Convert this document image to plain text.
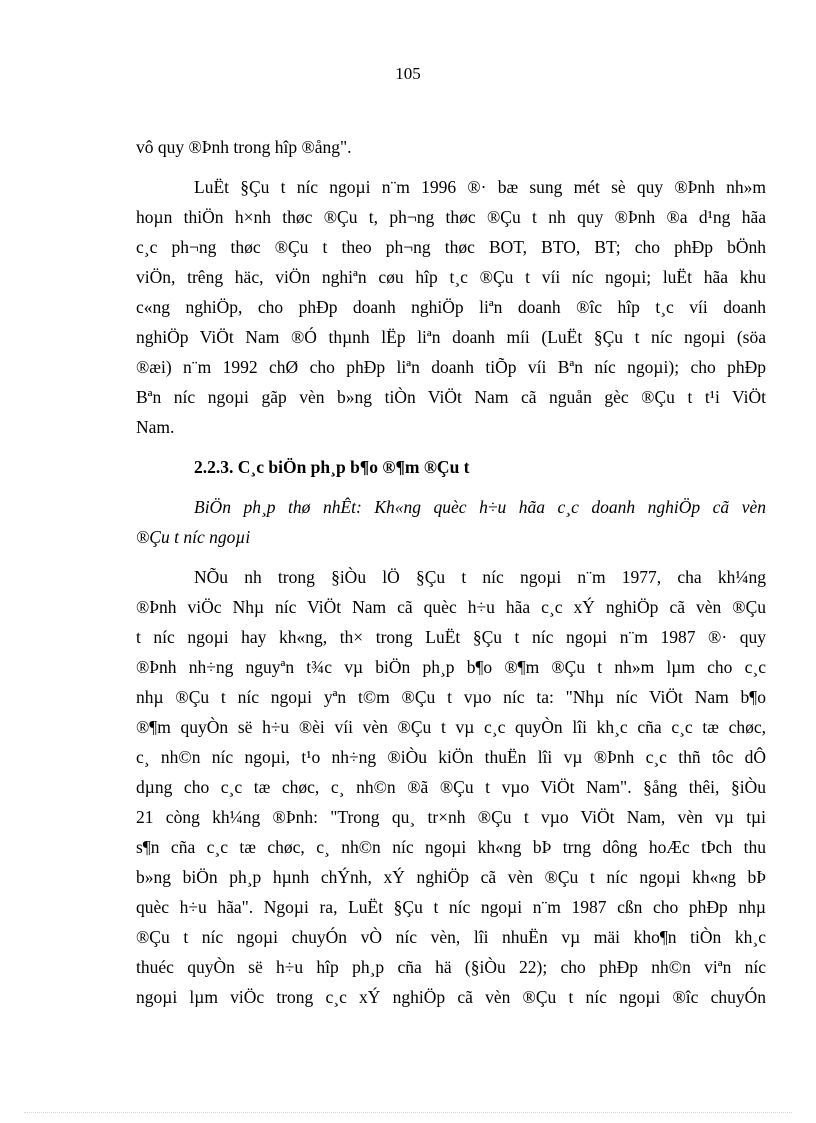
105
vô quy ®Þnh trong hîp ®ång".
LuËt §Çu t níc ngoµi n¨m 1996 ®· bæ sung mét sè quy ®Þnh nh»m
hoµn thiÖn h×nh thøc ®Çu t, ph¬ng thøc ®Çu t nh quy ®Þnh ®a d¹ng hãa
c¸c ph¬ng thøc ®Çu t theo ph¬ng thøc BOT, BTO, BT; cho phÐp bÖnh
viÖn, trêng häc, viÖn nghiªn cøu hîp t¸c ®Çu t víi níc ngoµi; luËt hãa khu
c«ng nghiÖp, cho phÐp doanh nghiÖp liªn doanh ®îc hîp t¸c víi doanh
nghiÖp ViÖt Nam ®Ó thµnh lËp liªn doanh míi (LuËt §Çu t níc ngoµi (söa
®æi) n¨m 1992 chØ cho phÐp liªn doanh tiÕp víi Bªn níc ngoµi); cho phÐp
Bªn níc ngoµi gãp vèn b»ng tiÒn ViÖt Nam cã nguån gèc ®Çu t t¹i ViÖt
Nam.
2.2.3. C¸c biÖn ph¸p b¶o ®¶m ®Çu t
BiÖn ph¸p thø nhÊt: Kh«ng quèc h÷u hãa c¸c doanh nghiÖp cã vèn
®Çu t níc ngoµi
NÕu nh trong §iÒu lÖ §Çu t níc ngoµi n¨m 1977, cha kh¼ng
®Þnh viÖc Nhµ níc ViÖt Nam cã quèc h÷u hãa c¸c xÝ nghiÖp cã vèn ®Çu
t níc ngoµi hay kh«ng, th× trong LuËt §Çu t níc ngoµi n¨m 1987 ®· quy
®Þnh nh÷ng nguyªn t¾c vµ biÖn ph¸p b¶o ®¶m ®Çu t nh»m lµm cho c¸c
nhµ ®Çu t níc ngoµi yªn t©m ®Çu t vµo níc ta: "Nhµ níc ViÖt Nam b¶o
®¶m quyÒn së h÷u ®èi víi vèn ®Çu t vµ c¸c quyÒn lîi kh¸c cña c¸c tæ chøc,
c¸ nh©n níc ngoµi, t¹o nh÷ng ®iÒu kiÖn thuËn lîi vµ ®Þnh c¸c thñ tôc dÔ
dµng cho c¸c tæ chøc, c¸ nh©n ®ã ®Çu t vµo ViÖt Nam". §ång thêi, §iÒu
21 còng kh¼ng ®Þnh: "Trong qu¸ tr×nh ®Çu t vµo ViÖt Nam, vèn vµ tµi
s¶n cña c¸c tæ chøc, c¸ nh©n níc ngoµi kh«ng bÞ trng dông hoÆc tÞch thu
b»ng biÖn ph¸p hµnh chÝnh, xÝ nghiÖp cã vèn ®Çu t níc ngoµi kh«ng bÞ
quèc h÷u hãa". Ngoµi ra, LuËt §Çu t níc ngoµi n¨m 1987 cßn cho phÐp nhµ
®Çu t níc ngoµi chuyÓn vÒ níc vèn, lîi nhuËn vµ mäi kho¶n tiÒn kh¸c
thuéc quyÒn së h÷u hîp ph¸p cña hä (§iÒu 22); cho phÐp nh©n viªn níc
ngoµi lµm viÖc trong c¸c xÝ nghiÖp cã vèn ®Çu t níc ngoµi ®îc chuyÓn
